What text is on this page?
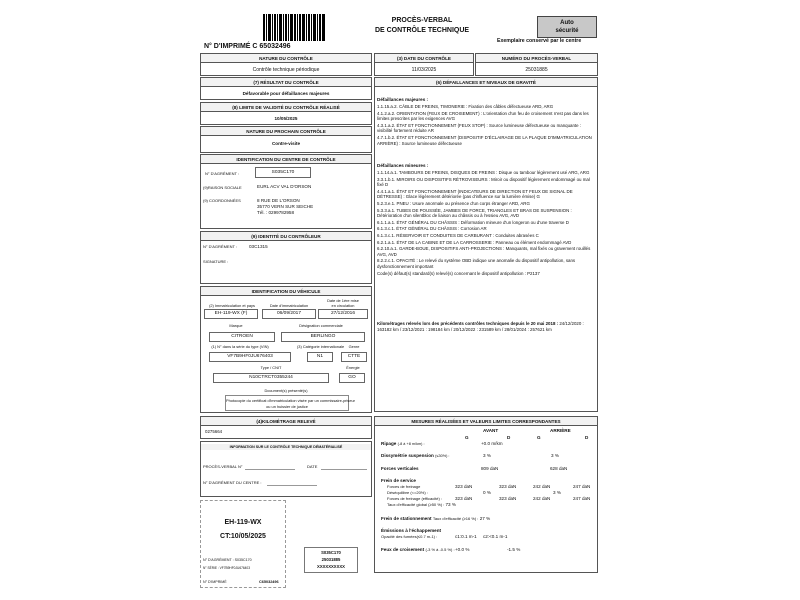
N° D'IMPRIMÉ C 65032496
PROCÈS-VERBAL
DE CONTRÔLE TECHNIQUE
Auto
sécurité
Exemplaire conservé par le centre
NATURE DU CONTRÔLE
Contrôle technique périodique
(7) RÉSULTAT DU CONTRÔLE
Défavorable pour défaillances majeures
(8) LIMITE DE VALIDITÉ DU CONTRÔLE RÉALISÉ
10/05/2025
NATURE DU PROCHAIN CONTRÔLE
Contre-visite
IDENTIFICATION DU CENTRE DE CONTRÔLE
N° D'AGRÉMENT :	S035C170
(9)RAISON SOCIALE	EURL ACV VAL D'ORSON
(9) COORDONNÉES	8 RUE DE L'ORSON
35770 VERN SUR SEICHE
Tél. : 0299782958
(9) IDENTITÉ DU CONTRÔLEUR
N° D'AGRÉMENT :	03C1315
SIGNATURE :
IDENTIFICATION DU VÉHICULE
(2) Immatriculation et pays	Date d'immatriculation
Date de 1ère mise
en circulation
EH-119-WX (F)	06/09/2017	27/12/2016
Marque	Désignation commerciale
CITROEN	BERLINGO
(1) N° dans la série du type (VIN)	(3) Catégorie internationale	Genre
VF7B9HF0JU676403	N1	CTTE
Type / CNIT	Énergie
N10CTRCT0355244	GO
Document(s) présenté(s)
Photocopie du certificat d'immatriculation visée par un commissaire-priseur
ou un huissier de justice
(4)KILOMÉTRAGE RELEVÉ
0275664
INFORMATION SUR LE CONTRÔLE TECHNIQUE DÉMATÉRIALISÉ
PROCÈS-VERBAL N°	DATE
N° D'AGRÉMENT DU CENTRE :
EH-119-WX
CT:10/05/2025
N° D'AGRÉMENT : S035C170
N° SÉRIE : VF7B9HF0JU676403
N° D'IMPRIMÉ	C65032496
S035C170
25031885
XXXXXXXXXX
(3) DATE DU CONTRÔLE
11/03/2025
NUMÉRO DU PROCÈS-VERBAL
25031885
(6) DÉFAILLANCES ET NIVEAUX DE GRAVITÉ
Défaillances majeures :
1.1.15.a.2. CÂBLE DE FREINS, TIMONERIE : Fixation des câbles défectueuse ARD, ARG
4.1.2.a.2. ORIENTATION (FEUX DE CROISEMENT) : L'orientation d'un feu de croisement n'est pas dans les limites prescrites par les exigences AVG
4.3.1.a.2. ÉTAT ET FONCTIONNEMENT (FEUX STOP) : Source lumineuse défectueuse ou manquante : visibilité fortement réduite AR
4.7.1.b.2. ÉTAT ET FONCTIONNEMENT (DISPOSITIF D'ÉCLAIRAGE DE LA PLAQUE D'IMMATRICULATION ARRIÈRE) : Source lumineuse défectueuse
Défaillances mineures :
1.1.14.a.1. TAMBOURS DE FREINS, DISQUES DE FREINS : Disque ou tambour légèrement usé ARG, ARG
3.3.1.b.1. MIROIRS OU DISPOSITIFS RÉTROVISEURS : Miroir ou dispositif légèrement endommagé ou mal fixé D
4.4.1.a.1. ÉTAT ET FONCTIONNEMENT (INDICATEURS DE DIRECTION ET FEUX DE SIGNAL DE DÉTRESSE) : Glace légèrement détériorée (pas d'influence sur la lumière émise) G
5.2.3.e.1. PNEU : Usure anormale ou présence d'un corps étranger ARD, ARG
5.3.3.a.1. TUBES DE POUSSÉE, JAMBES DE FORCE, TRIANGLES ET BRAS DE SUSPENSION : Détérioration d'un silentbloc de liaison au châssis ou à l'essieu AVG, AVD
6.1.1.a.1. ÉTAT GÉNÉRAL DU CHÂSSIS : Déformation mineure d'un longeron ou d'une traverse D
6.1.3.c.1. ÉTAT GÉNÉRAL DU CHÂSSIS : Corrosion AR
6.1.3.c.1. RÉSERVOIR ET CONDUITES DE CARBURANT : Conduites abrasées C
6.2.1.a.1. ÉTAT DE LA CABINE ET DE LA CARROSSERIE : Panneau ou élément endommagé AVD
6.2.10.a.1. GARDE-BOUE, DISPOSITIFS ANTI-PROJECTIONS : Manquants, mal fixés ou gravement rouillés AVG, AVD
8.2.2.c.1. OPACITÉ : Le relevé du système OBD indique une anomalie du dispositif antipollution, sans dysfonctionnement important
Code(s) défaut(s) standard(s) relevé(s) concernant le dispositif antipollution : P2137
Kilométrages relevés lors des précédents contrôles techniques depuis le 20 mai 2018 : 24/12/2020 : 163182 km / 23/12/2021 : 198184 km / 20/12/2022 : 231589 km / 28/01/2024 : 257621 km
MESURES RÉALISÉES ET VALEURS LIMITES CORRESPONDANTES
AVANT	ARRIÈRE
G	D	G	D
Ripage (-8 à +8 m/km) :	+0.0 m/km
Dissymétrie suspension (≤30%) :	3 %	3 %
Forces verticales	809 daN	628 daN
Frein de service
Forces de freinage	323 daN	323 daN	242 daN	247 daN
Déséquilibre (<=20%) :	0 %	3 %
Forces de freinage (efficacité) :	323 daN	323 daN	242 daN	247 daN
Taux d'efficacité global (≥50 %) : 73 %
Frein de stationnement Taux d'efficacité (≥16 %) : 27 %
Émissions à l'échappement
Opacité des fumées(≤0.7 m-1) :	c1:0.1 m-1 c2:<0.1 m-1
Feux de croisement (-3 % à -0.5 %) : +0.0 %	-1.5 %
